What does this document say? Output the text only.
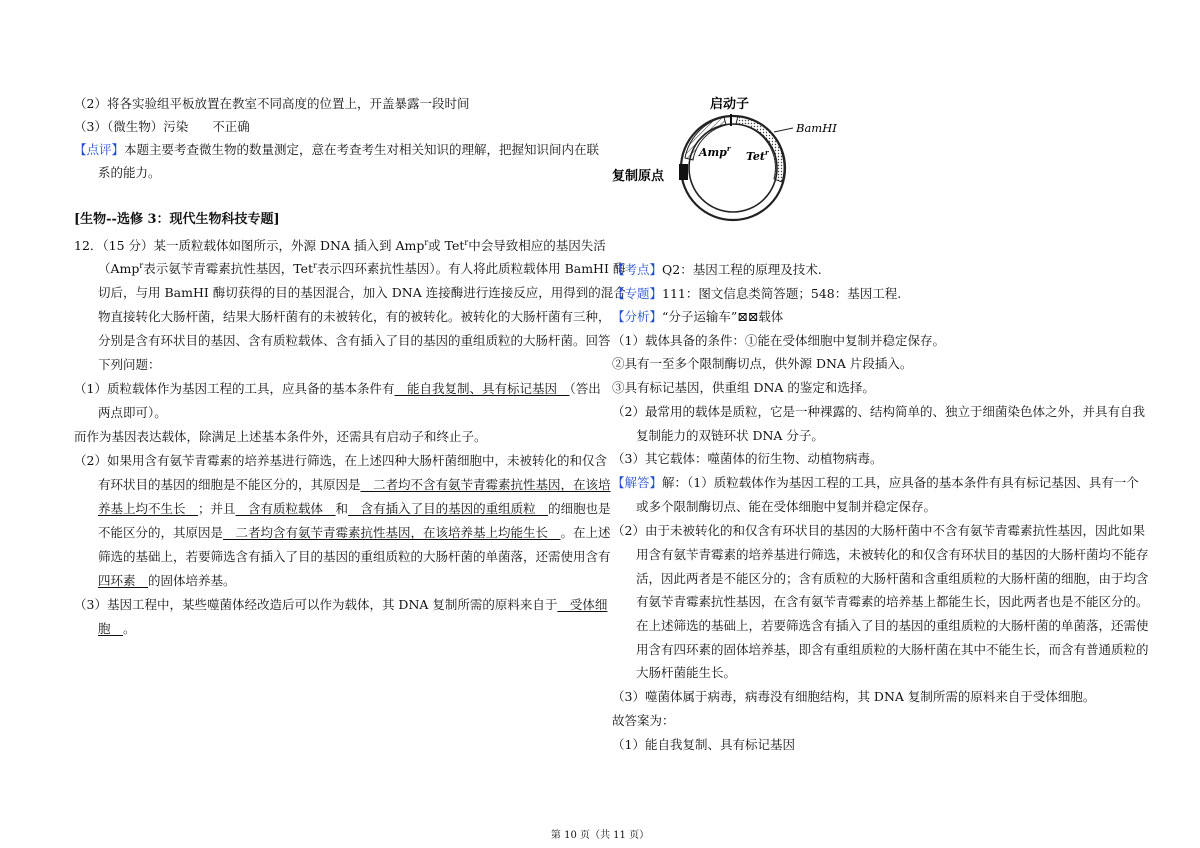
（2）将各实验组平板放置在教室不同高度的位置上，开盖暴露一段时间
（3）（微生物）污染 不正确
【点评】本题主要考查微生物的数量测定，意在考查考生对相关知识的理解，把握知识间内在联
系的能力。
[生物--选修 3：现代生物科技专题]
12．（15 分）某一质粒载体如图所示，外源 DNA 插入到 Amp$^r$或 Tet$^r$中会导致相应的基因失活
（Amp$^r$表示氨苄青霉素抗性基因，Tet$^r$表示四环素抗性基因）。有人将此质粒载体用 BamHI 酶
切后，与用 BamHI 酶切获得的目的基因混合，加入 DNA 连接酶进行连接反应，用得到的混合
物直接转化大肠杆菌，结果大肠杆菌有的未被转化，有的被转化。被转化的大肠杆菌有三种，
分别是含有环状目的基因、含有质粒载体、含有插入了目的基因的重组质粒的大肠杆菌。回答
下列问题：
（1）质粒载体作为基因工程的工具，应具备的基本条件有　能自我复制、具有标记基因　（答出
两点即可）。
而作为基因表达载体，除满足上述基本条件外，还需具有启动子和终止子。
（2）如果用含有氨苄青霉素的培养基进行筛选，在上述四种大肠杆菌细胞中，未被转化的和仅含
有环状目的基因的细胞是不能区分的，其原因是　二者均不含有氨苄青霉素抗性基因，在该培
养基上均不生长　；并且　含有质粒载体　和　含有插入了目的基因的重组质粒　的细胞也是
不能区分的，其原因是　二者均含有氨苄青霉素抗性基因，在该培养基上均能生长　。在上述
筛选的基础上，若要筛选含有插入了目的基因的重组质粒的大肠杆菌的单菌落，还需使用含有
四环素　的固体培养基。
（3）基因工程中，某些噬菌体经改造后可以作为载体，其 DNA 复制所需的原料来自于　受体细
胞　。
启动子
BamHⅠ
Amp$^r$
Tet$^r$
复制原点
【考点】Q2：基因工程的原理及技术.
【专题】111：图文信息类简答题；548：基因工程.
【分析】“分子运输车”⊠⊠载体
（1）载体具备的条件：①能在受体细胞中复制并稳定保存。
②具有一至多个限制酶切点，供外源 DNA 片段插入。
③具有标记基因，供重组 DNA 的鉴定和选择。
（2）最常用的载体是质粒，它是一种裸露的、结构简单的、独立于细菌染色体之外，并具有自我
复制能力的双链环状 DNA 分子。
（3）其它载体：噬菌体的衍生物、动植物病毒。
【解答】解：（1）质粒载体作为基因工程的工具，应具备的基本条件有具有标记基因、具有一个
或多个限制酶切点、能在受体细胞中复制并稳定保存。
（2）由于未被转化的和仅含有环状目的基因的大肠杆菌中不含有氨苄青霉素抗性基因，因此如果
用含有氨苄青霉素的培养基进行筛选，未被转化的和仅含有环状目的基因的大肠杆菌均不能存
活，因此两者是不能区分的；含有质粒的大肠杆菌和含重组质粒的大肠杆菌的细胞，由于均含
有氨苄青霉素抗性基因，在含有氨苄青霉素的培养基上都能生长，因此两者也是不能区分的。
在上述筛选的基础上，若要筛选含有插入了目的基因的重组质粒的大肠杆菌的单菌落，还需使
用含有四环素的固体培养基，即含有重组质粒的大肠杆菌在其中不能生长，而含有普通质粒的
大肠杆菌能生长。
（3）噬菌体属于病毒，病毒没有细胞结构，其 DNA 复制所需的原料来自于受体细胞。
故答案为：
（1）能自我复制、具有标记基因
第 10 页（共 11 页）
